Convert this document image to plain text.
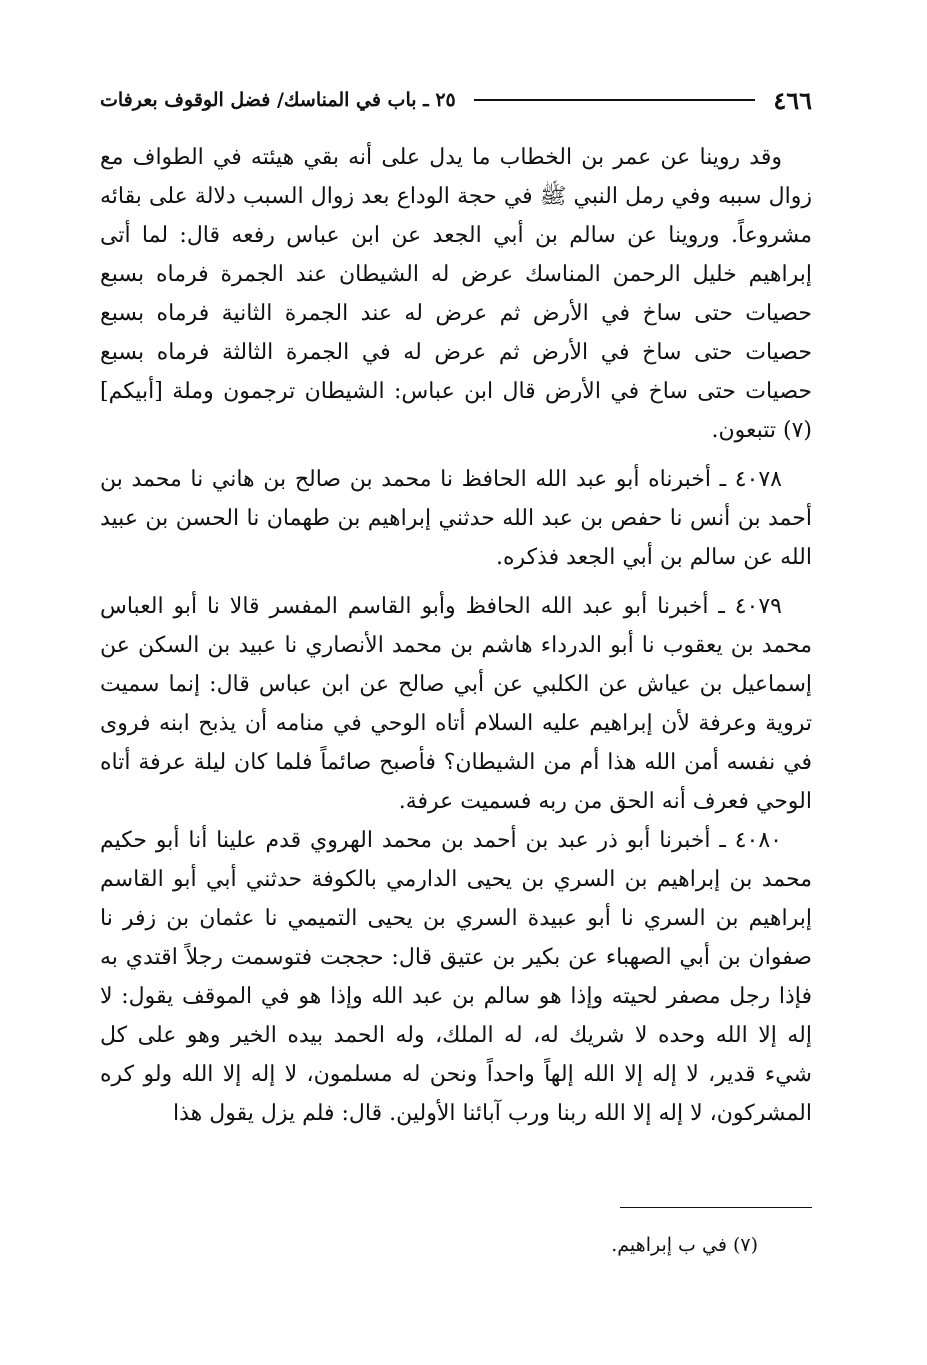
٤٦٦
٢٥ ـ باب في المناسك/ فضل الوقوف بعرفات

وقد روينا عن عمر بن الخطاب ما يدل على أنه بقي هيئته في الطواف مع زوال سببه وفي رمل النبي ﷺ في حجة الوداع بعد زوال السبب دلالة على بقائه مشروعاً. وروينا عن سالم بن أبي الجعد عن ابن عباس رفعه قال: لما أتى إبراهيم خليل الرحمن المناسك عرض له الشيطان عند الجمرة فرماه بسبع حصيات حتى ساخ في الأرض ثم عرض له عند الجمرة الثانية فرماه بسبع حصيات حتى ساخ في الأرض ثم عرض له في الجمرة الثالثة فرماه بسبع حصيات حتى ساخ في الأرض قال ابن عباس: الشيطان ترجمون وملة [أبيكم](٧) تتبعون.

٤٠٧٨ ـ أخبرناه أبو عبد الله الحافظ نا محمد بن صالح بن هاني نا محمد بن أحمد بن أنس نا حفص بن عبد الله حدثني إبراهيم بن طهمان نا الحسن بن عبيد الله عن سالم بن أبي الجعد فذكره.

٤٠٧٩ ـ أخبرنا أبو عبد الله الحافظ وأبو القاسم المفسر قالا نا أبو العباس محمد بن يعقوب نا أبو الدرداء هاشم بن محمد الأنصاري نا عبيد بن السكن عن إسماعيل بن عياش عن الكلبي عن أبي صالح عن ابن عباس قال: إنما سميت تروية وعرفة لأن إبراهيم عليه السلام أتاه الوحي في منامه أن يذبح ابنه فروى في نفسه أمن الله هذا أم من الشيطان؟ فأصبح صائماً فلما كان ليلة عرفة أتاه الوحي فعرف أنه الحق من ربه فسميت عرفة.

٤٠٨٠ ـ أخبرنا أبو ذر عبد بن أحمد بن محمد الهروي قدم علينا أنا أبو حكيم محمد بن إبراهيم بن السري بن يحيى الدارمي بالكوفة حدثني أبي أبو القاسم إبراهيم بن السري نا أبو عبيدة السري بن يحيى التميمي نا عثمان بن زفر نا صفوان بن أبي الصهباء عن بكير بن عتيق قال: حججت فتوسمت رجلاً اقتدي به فإذا رجل مصفر لحيته وإذا هو سالم بن عبد الله وإذا هو في الموقف يقول: لا إله إلا الله وحده لا شريك له، له الملك، وله الحمد بيده الخير وهو على كل شيء قدير، لا إله إلا الله إلهاً واحداً ونحن له مسلمون، لا إله إلا الله ولو كره المشركون، لا إله إلا الله ربنا ورب آبائنا الأولين. قال: فلم يزل يقول هذا

(٧) في ب إبراهيم.
